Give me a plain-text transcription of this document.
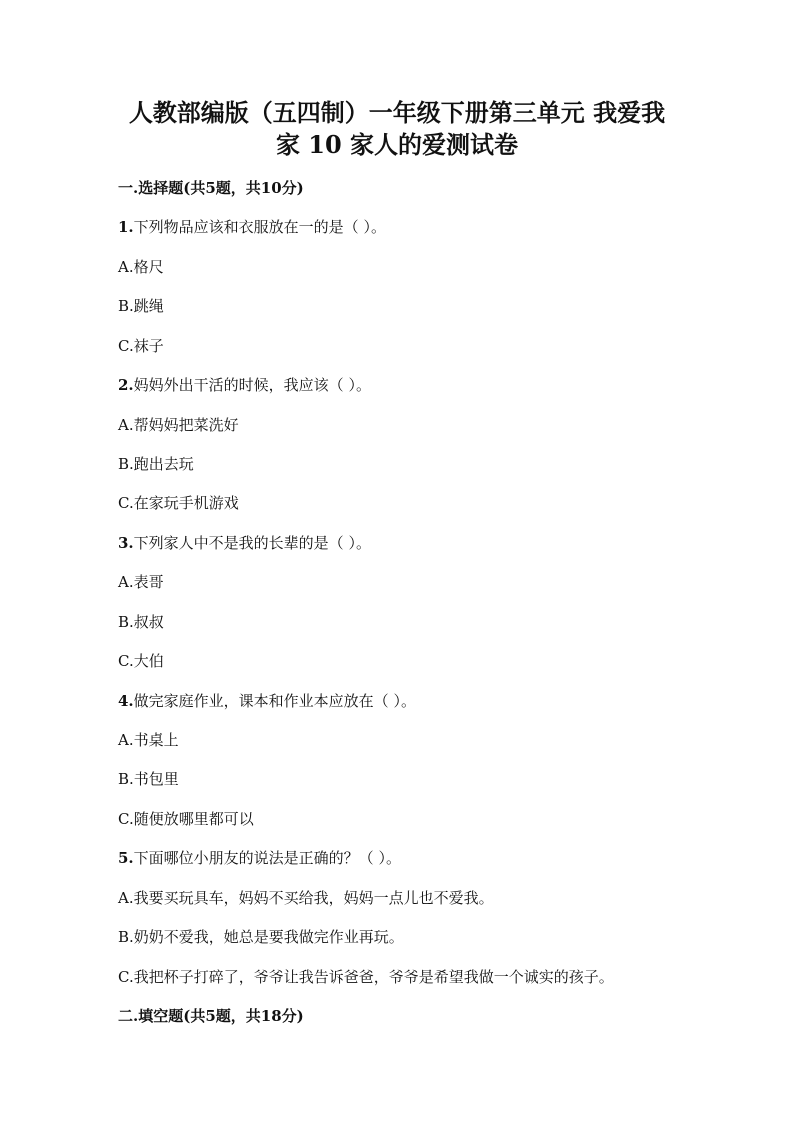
人教部编版（五四制）一年级下册第三单元 我爱我
家 10 家人的爱测试卷
一.选择题(共5题，共10分)
1.下列物品应该和衣服放在一的是（ ）。
A.格尺
B.跳绳
C.袜子
2.妈妈外出干活的时候，我应该（ ）。
A.帮妈妈把菜洗好
B.跑出去玩
C.在家玩手机游戏
3.下列家人中不是我的长辈的是（ ）。
A.表哥
B.叔叔
C.大伯
4.做完家庭作业，课本和作业本应放在（ ）。
A.书桌上
B.书包里
C.随便放哪里都可以
5.下面哪位小朋友的说法是正确的？（ ）。
A.我要买玩具车，妈妈不买给我，妈妈一点儿也不爱我。
B.奶奶不爱我，她总是要我做完作业再玩。
C.我把杯子打碎了，爷爷让我告诉爸爸，爷爷是希望我做一个诚实的孩子。
二.填空题(共5题，共18分)
